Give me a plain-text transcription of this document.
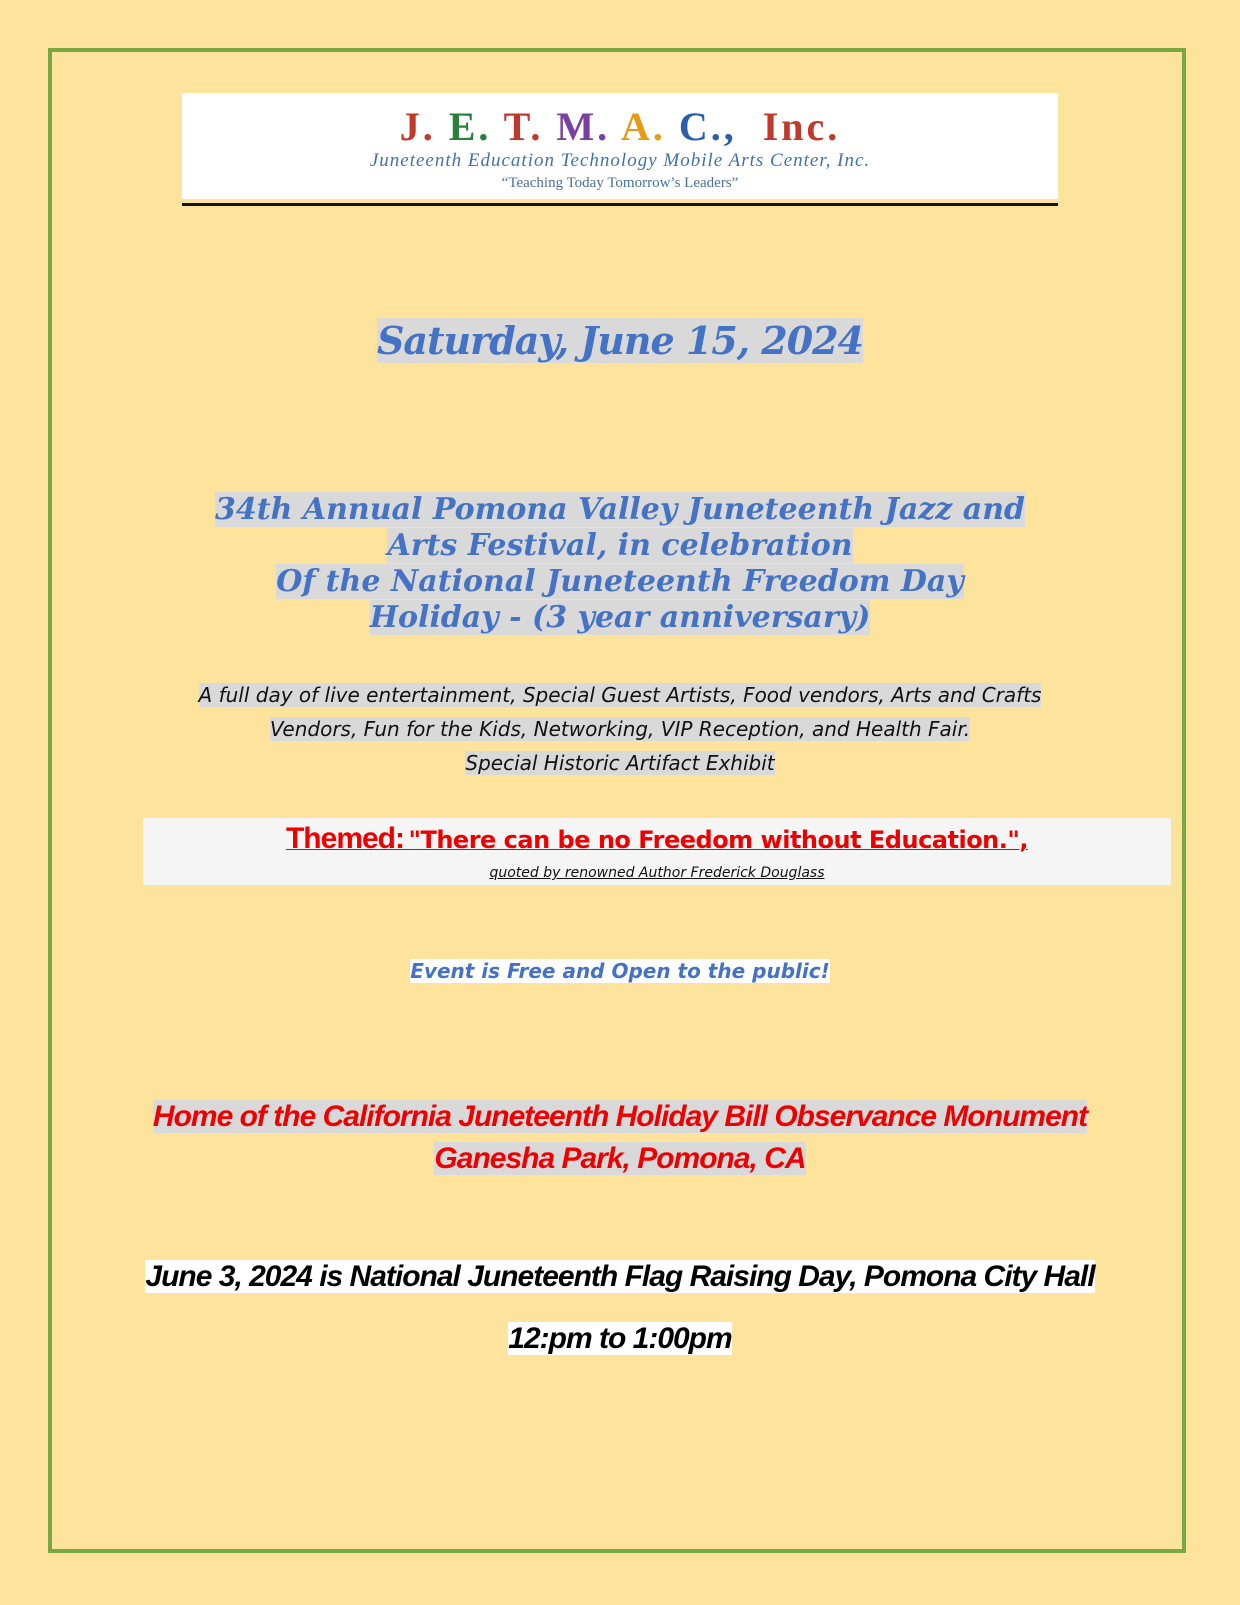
J. E. T. M. A. C., Inc.
Juneteenth Education Technology Mobile Arts Center, Inc.
“Teaching Today Tomorrow’s Leaders”
Saturday, June 15, 2024
34th Annual Pomona Valley Juneteenth Jazz and
Arts Festival, in celebration
Of the National Juneteenth Freedom Day
Holiday - (3 year anniversary)
A full day of live entertainment, Special Guest Artists, Food vendors, Arts and Crafts
Vendors, Fun for the Kids, Networking, VIP Reception, and Health Fair.
Special Historic Artifact Exhibit
Themed: "There can be no Freedom without Education.",
quoted by renowned Author Frederick Douglass
Event is Free and Open to the public!
Home of the California Juneteenth Holiday Bill Observance Monument
Ganesha Park, Pomona, CA
June 3, 2024 is National Juneteenth Flag Raising Day, Pomona City Hall
12:pm to 1:00pm
